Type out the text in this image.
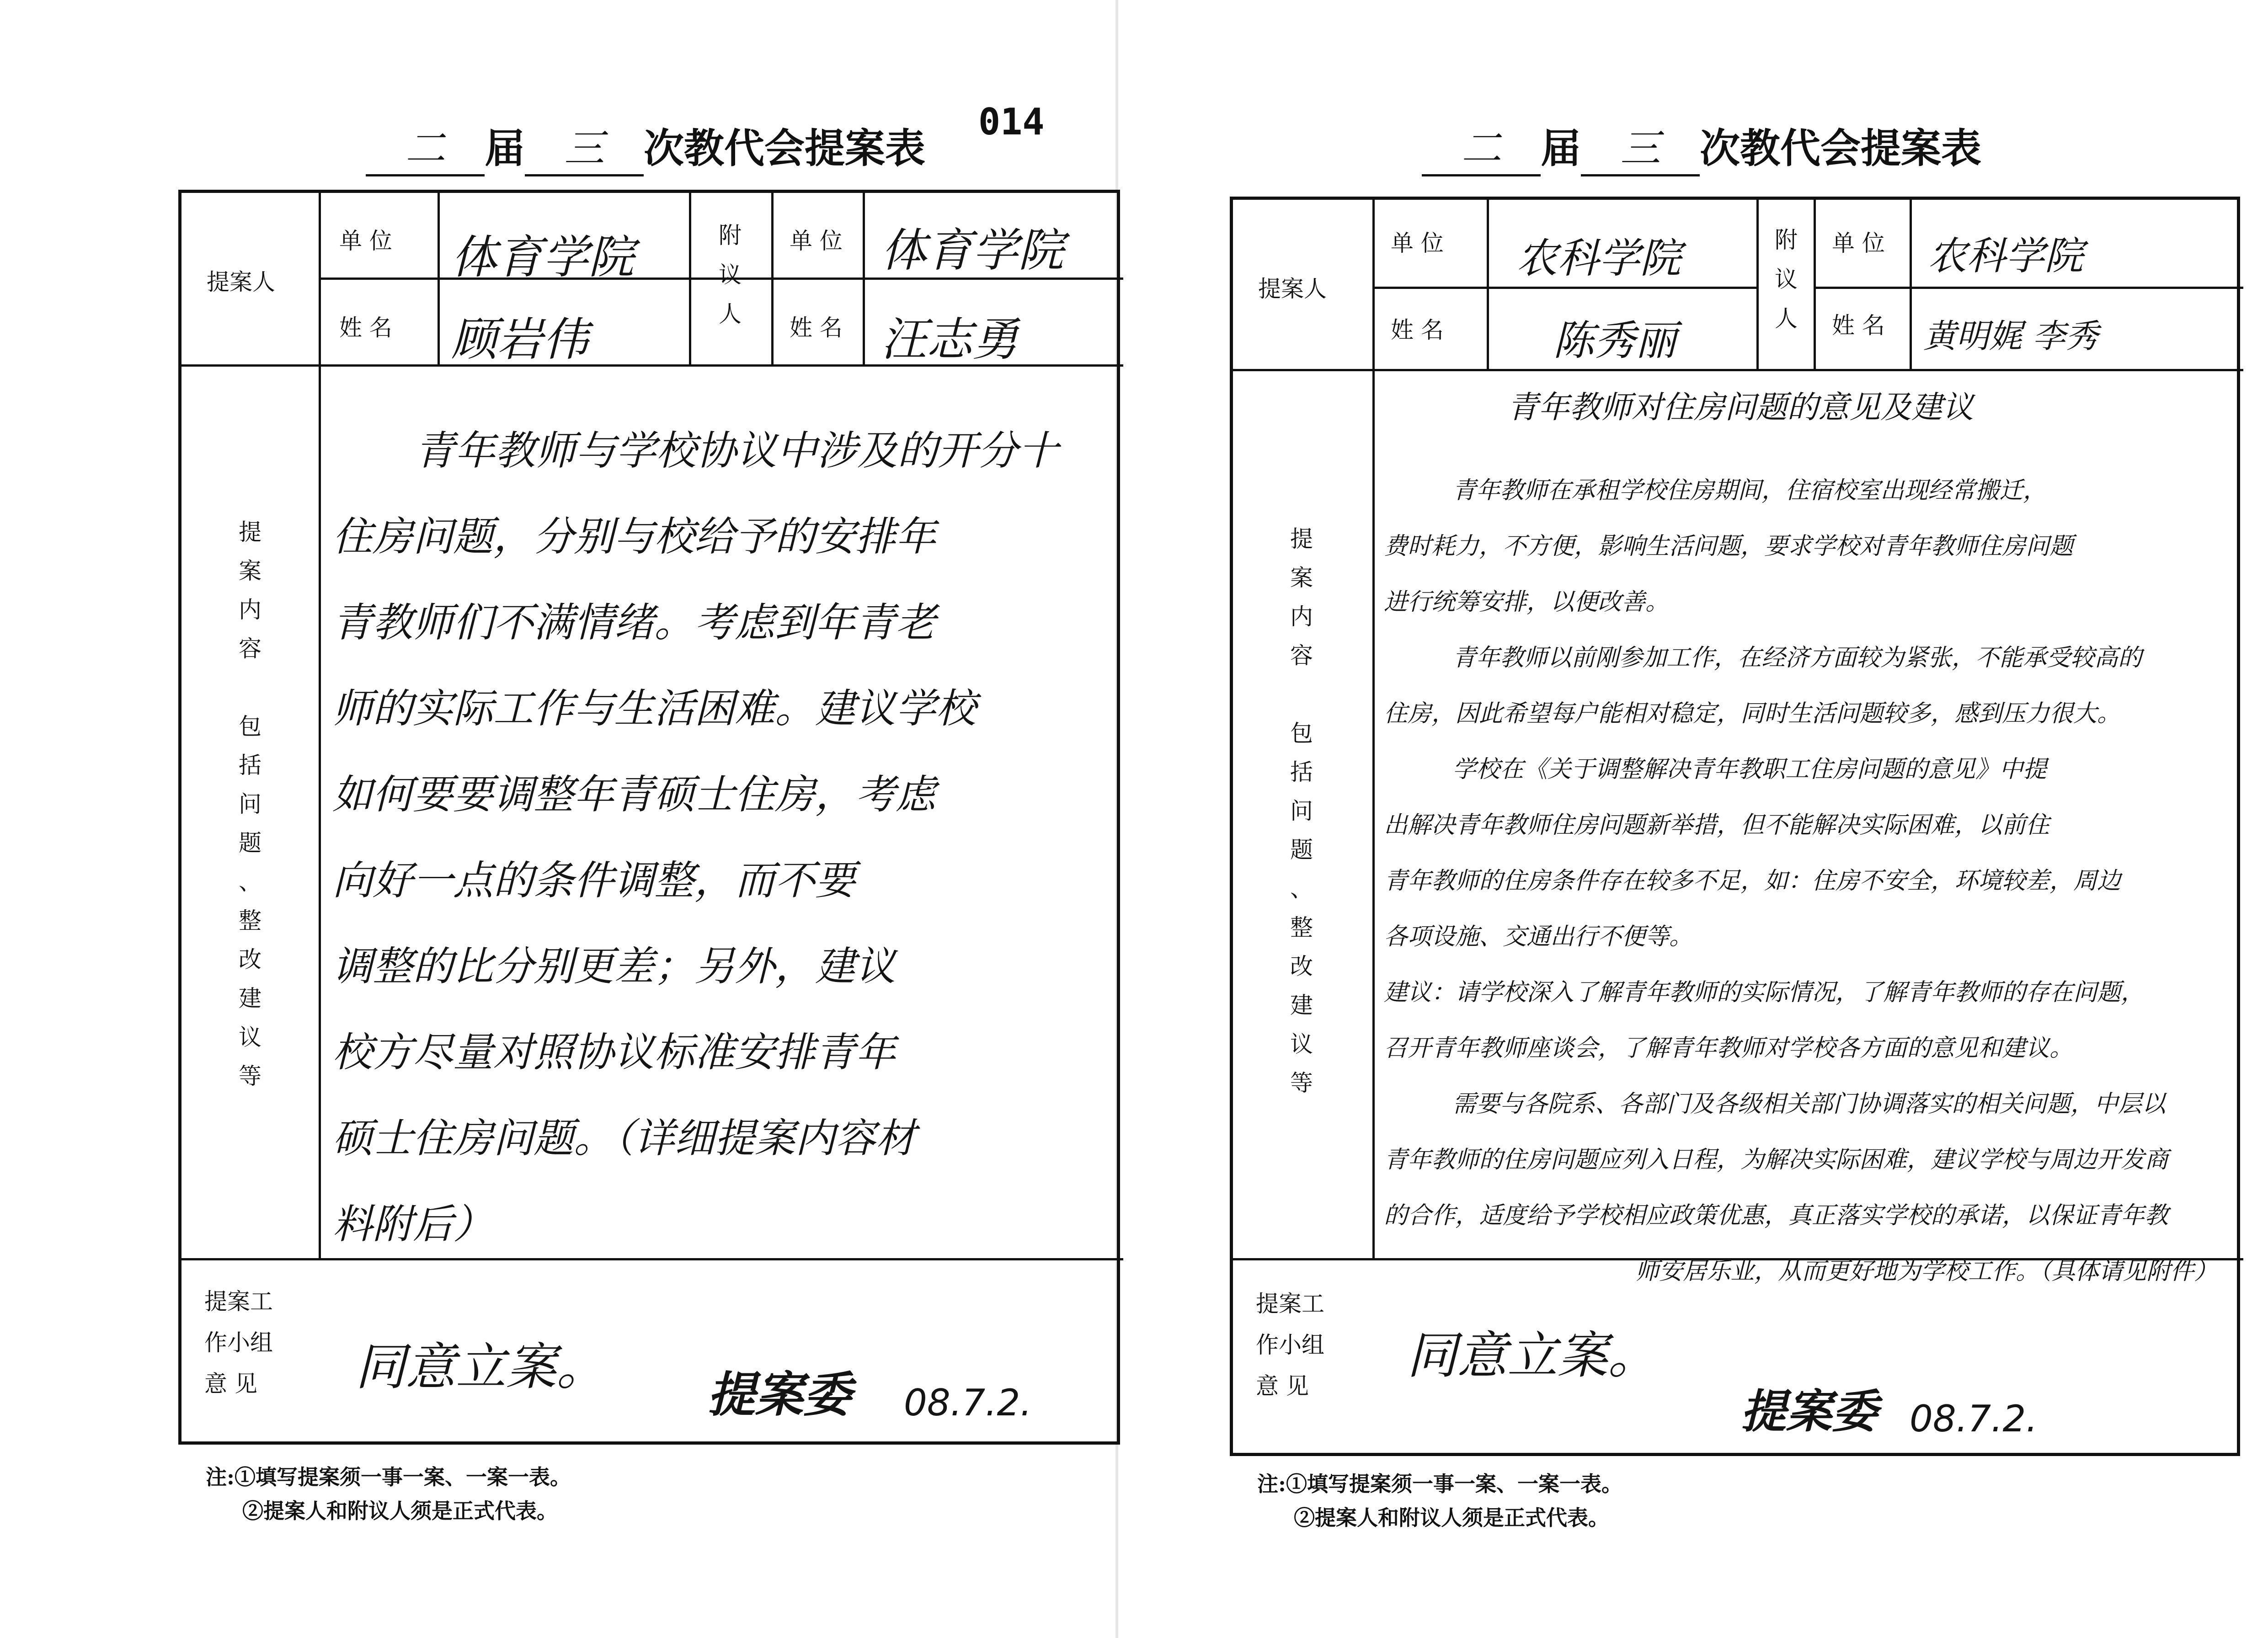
014
二 届 三 次教代会提案表
提案人
单 位
姓 名
体育学院
顾岩伟
附
议
人
单 位
姓 名
体育学院
汪志勇
提
案
内
容

包
括
问
题
、
整
改
建
议
等

青年教师与学校协议中涉及的开分十

住房问题，分别与校给予的安排年

青教师们不满情绪。考虑到年青老

师的实际工作与生活困难。建议学校

如何要要调整年青硕士住房，考虑

向好一点的条件调整，而不要

调整的比分别更差；另外，建议

校方尽量对照协议标准安排青年

硕士住房问题。（详细提案内容材

料附后）

提案工
作小组
意 见	同意立案。 提案委 08.7.2.
注:①填写提案须一事一案、一案一表。
②提案人和附议人须是正式代表。
二 届 三 次教代会提案表
提案人
单 位
姓 名
农科学院
陈秀丽
附
议
人
单 位
姓 名
农科学院
黄明娓 李秀
提
案
内
容

包
括
问
题
、
整
改
建
议
等
青年教师对住房问题的意见及建议

青年教师在承租学校住房期间，住宿校室出现经常搬迁，

费时耗力，不方便，影响生活问题，要求学校对青年教师住房问题

进行统筹安排，以便改善。

青年教师以前刚参加工作，在经济方面较为紧张，不能承受较高的

住房，因此希望每户能相对稳定，同时生活问题较多，感到压力很大。

学校在《关于调整解决青年教职工住房问题的意见》中提

出解决青年教师住房问题新举措，但不能解决实际困难，以前住

青年教师的住房条件存在较多不足，如：住房不安全，环境较差，周边

各项设施、交通出行不便等。

建议：请学校深入了解青年教师的实际情况，了解青年教师的存在问题，

召开青年教师座谈会，了解青年教师对学校各方面的意见和建议。

需要与各院系、各部门及各级相关部门协调落实的相关问题，中层以

青年教师的住房问题应列入日程，为解决实际困难，建议学校与周边开发商

的合作，适度给予学校相应政策优惠，真正落实学校的承诺，以保证青年教

师安居乐业，从而更好地为学校工作。（具体请见附件）

提案工
作小组
意 见
同意立案。
提案委 08.7.2.
注:①填写提案须一事一案、一案一表。
②提案人和附议人须是正式代表。
